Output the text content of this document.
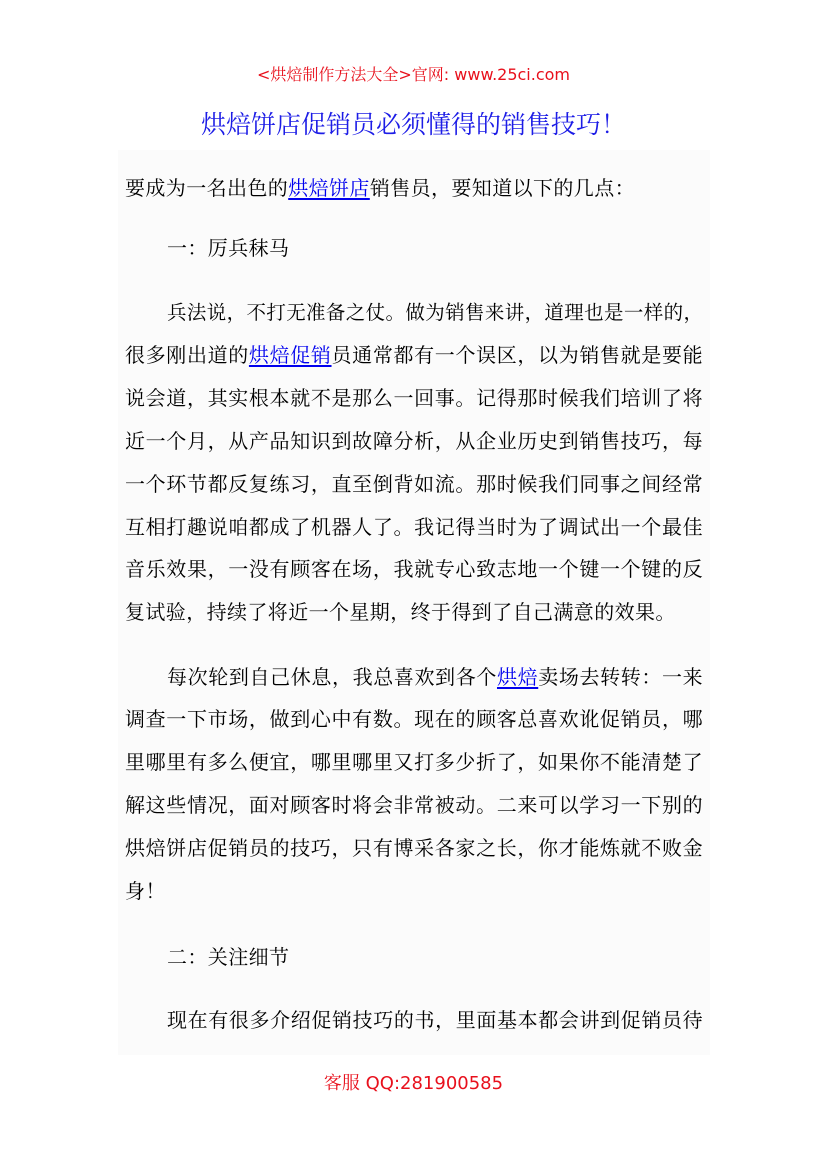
<烘焙制作方法大全>官网: www.25ci.com
烘焙饼店促销员必须懂得的销售技巧！
要成为一名出色的烘焙饼店销售员，要知道以下的几点：
一：厉兵秣马
兵法说，不打无准备之仗。做为销售来讲，道理也是一样的，
很多刚出道的烘焙促销员通常都有一个误区，以为销售就是要能
说会道，其实根本就不是那么一回事。记得那时候我们培训了将
近一个月，从产品知识到故障分析，从企业历史到销售技巧，每
一个环节都反复练习，直至倒背如流。那时候我们同事之间经常
互相打趣说咱都成了机器人了。我记得当时为了调试出一个最佳
音乐效果，一没有顾客在场，我就专心致志地一个键一个键的反
复试验，持续了将近一个星期，终于得到了自己满意的效果。
每次轮到自己休息，我总喜欢到各个烘焙卖场去转转：一来
调查一下市场，做到心中有数。现在的顾客总喜欢讹促销员，哪
里哪里有多么便宜，哪里哪里又打多少折了，如果你不能清楚了
解这些情况，面对顾客时将会非常被动。二来可以学习一下别的
烘焙饼店促销员的技巧，只有博采各家之长，你才能炼就不败金
身！
二：关注细节
现在有很多介绍促销技巧的书，里面基本都会讲到促销员待
客服 QQ:281900585
